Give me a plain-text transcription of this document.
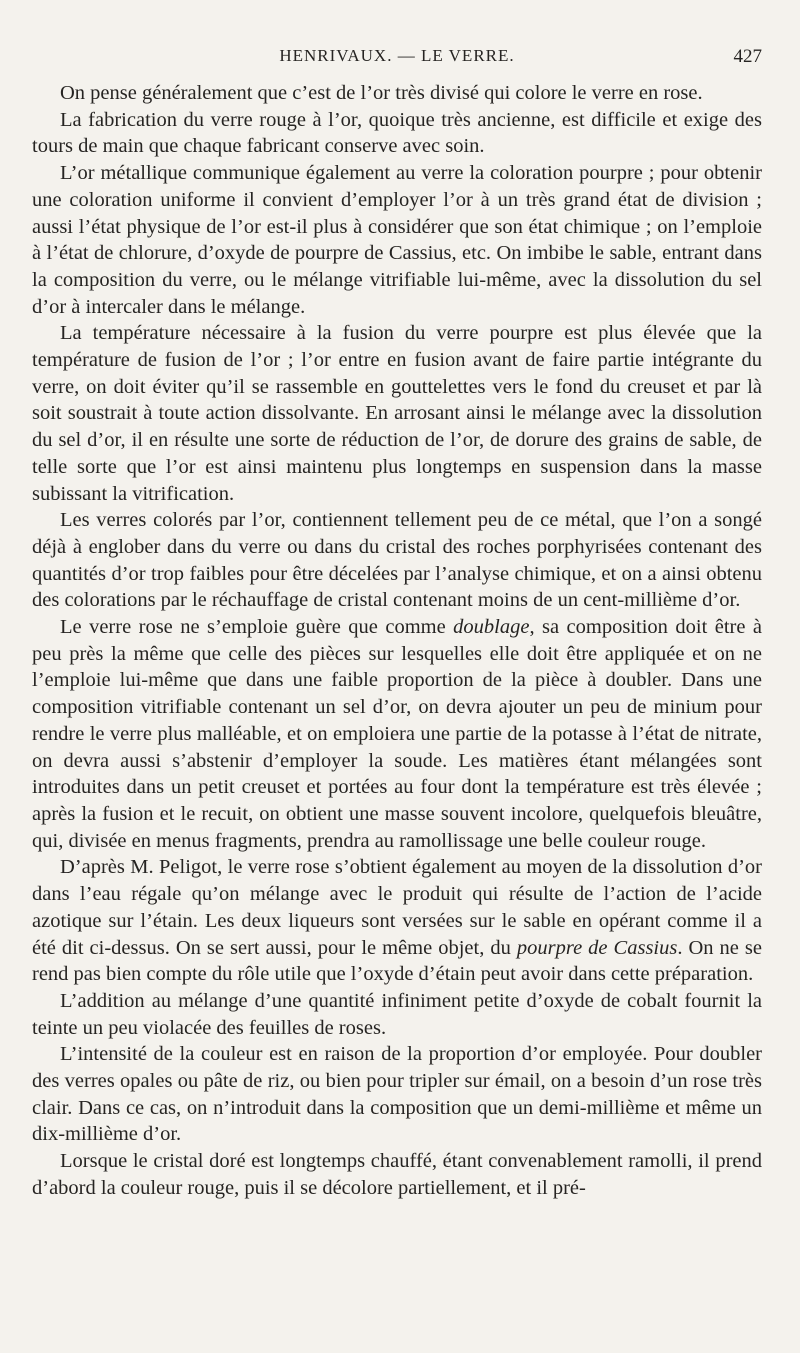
HENRIVAUX. — LE VERRE.	427

On pense généralement que c’est de l’or très divisé qui colore le verre en rose.

La fabrication du verre rouge à l’or, quoique très ancienne, est difficile et exige des tours de main que chaque fabricant conserve avec soin.

L’or métallique communique également au verre la coloration pourpre ; pour obtenir une coloration uniforme il convient d’employer l’or à un très grand état de division ; aussi l’état physique de l’or est-il plus à considérer que son état chimique ; on l’emploie à l’état de chlorure, d’oxyde de pourpre de Cassius, etc. On imbibe le sable, entrant dans la composition du verre, ou le mélange vitrifiable lui-même, avec la dissolution du sel d’or à intercaler dans le mélange.

La température nécessaire à la fusion du verre pourpre est plus élevée que la température de fusion de l’or ; l’or entre en fusion avant de faire partie intégrante du verre, on doit éviter qu’il se rassemble en gouttelettes vers le fond du creuset et par là soit soustrait à toute action dissolvante. En arrosant ainsi le mélange avec la dissolution du sel d’or, il en résulte une sorte de réduction de l’or, de dorure des grains de sable, de telle sorte que l’or est ainsi maintenu plus longtemps en suspension dans la masse subissant la vitrification.

Les verres colorés par l’or, contiennent tellement peu de ce métal, que l’on a songé déjà à englober dans du verre ou dans du cristal des roches porphyrisées contenant des quantités d’or trop faibles pour être décelées par l’analyse chimique, et on a ainsi obtenu des colorations par le réchauffage de cristal contenant moins de un cent-millième d’or.

Le verre rose ne s’emploie guère que comme doublage, sa composition doit être à peu près la même que celle des pièces sur lesquelles elle doit être appliquée et on ne l’emploie lui-même que dans une faible proportion de la pièce à doubler. Dans une composition vitrifiable contenant un sel d’or, on devra ajouter un peu de minium pour rendre le verre plus malléable, et on emploiera une partie de la potasse à l’état de nitrate, on devra aussi s’abstenir d’employer la soude. Les matières étant mélangées sont introduites dans un petit creuset et portées au four dont la température est très élevée ; après la fusion et le recuit, on obtient une masse souvent incolore, quelquefois bleuâtre, qui, divisée en menus fragments, prendra au ramollissage une belle couleur rouge.

D’après M. Peligot, le verre rose s’obtient également au moyen de la dissolution d’or dans l’eau régale qu’on mélange avec le produit qui résulte de l’action de l’acide azotique sur l’étain. Les deux liqueurs sont versées sur le sable en opérant comme il a été dit ci-dessus. On se sert aussi, pour le même objet, du pourpre de Cassius. On ne se rend pas bien compte du rôle utile que l’oxyde d’étain peut avoir dans cette préparation.

L’addition au mélange d’une quantité infiniment petite d’oxyde de cobalt fournit la teinte un peu violacée des feuilles de roses.

L’intensité de la couleur est en raison de la proportion d’or employée. Pour doubler des verres opales ou pâte de riz, ou bien pour tripler sur émail, on a besoin d’un rose très clair. Dans ce cas, on n’introduit dans la composition que un demi-millième et même un dix-millième d’or.

Lorsque le cristal doré est longtemps chauffé, étant convenablement ramolli, il prend d’abord la couleur rouge, puis il se décolore partiellement, et il pré-
